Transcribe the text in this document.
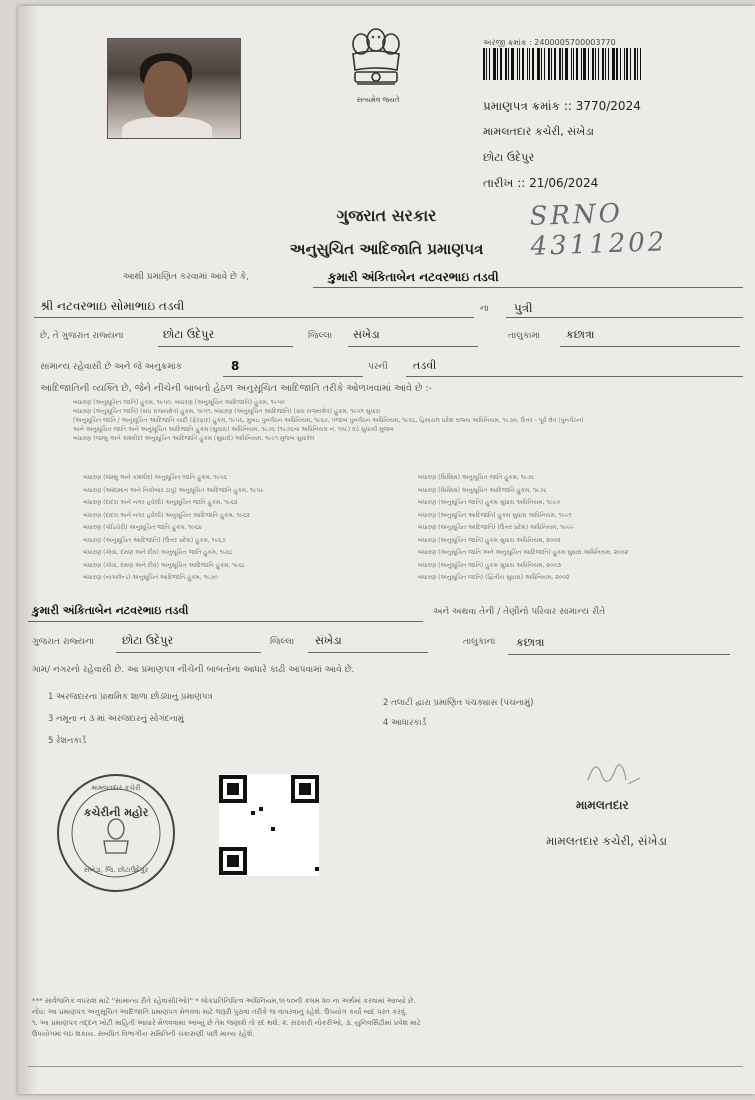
સત્યમેવ જયતે
અરજી ક્રમાંક : 2400005700003770
પ્રમાણપત્ર ક્રમાંક :: 3770/2024
મામલતદાર કચેરી, સંખેડા
છોટા ઉદેપુર
તારીખ :: 21/06/2024
SRNO 4311202
ગુજરાત સરકાર
અનુસુચિત આદિજાતિ પ્રમાણપત્ર
આથી પ્રમાણિત કરવામાં આવે છે કે,	કુમારી અંકિતાબેન નટવરભાઇ તડવી
શ્રી નટવરભાઇ સોમાભાઇ તડવી	ના પુત્રી
છે, તે ગુજરાત રાજ્યના	છોટા ઉદેપુર	જિલ્લા સંખેડા	તાલુકામાં કછાત્રા
સામાન્ય રહેવાસી છે અને જે અનુક્રમાંક	8	પરની તડવી
આદિજાતિની વ્યક્તિ છે, જેને નીચેની બાબતો હેઠળ અનુસૂચિત આદિજાતિ તરીકે ઓળખવામાં આવે છે :-
બંધારણ (અનુસૂચિત જાતિ) હુકમ, ૧૯૫૦, બંધારણ (અનુસૂચિત આદિજાતિ) હુકમ, ૧૯૫૦
બંધારણ (અનુસૂચિત જાતિ) (સંઘ રાજ્યક્ષેત્ર) હુકમ, ૧૯૫૧, બંધારણ (અનુસૂચિત આદિજાતિ) (સંઘ રાજ્યક્ષેત્ર) હુકમ, ૧૯૫૧ સુધારા
(અનુસૂચિત જાતિ / અનુસૂચિત આદિજાતિ યાદી (ફેરફાર) હુકમ, ૧૯૫૬, મુંબઇ પુનર્ગઠન અધિનિયમ, ૧૯૬૦, પંજાબ પુનર્ગઠન અધિનિયમ, ૧૯૬૬, હિમાચલ પ્રદેશ રાજ્ય અધિનિયમ, ૧૯૭૦, ઉત્તર - પૂર્વ ક્ષેત્ર (પુનર્ગઠન)
અને અનુસૂચિત જાતિ અને અનુસૂચિત આદિજાતિ હુકમ (સુધારા) અધિનિયમ, ૧૯૭૬ (૧૯૭૬ના અધિનિયમ નં. ૧૦૮) વડે સુધાર્યા મુજબ
બંધારણ (જમ્મુ અને કાશ્મીર) અનુસૂચિત આદિજાતિ હુકમ (સુધારો) અધિનિયમ, ૧૯૯૧ મુજબ સુધારેલ
બંધારણ (જમ્મુ અને કાશ્મીર) અનુસૂચિત જાતિ હુકમ, ૧૯૫૬
બંધારણ (આંદામાન અને નિકોબાર ટાપુ) અનુસૂચિત આદિજાતિ હુકમ, ૧૯૫૯
બંધારણ (દાદરા અને નગર હવેલી) અનુસૂચિત જાતિ હુકમ, ૧૯૬૨
બંધારણ (દાદરા અને નગર હવેલી) અનુસૂચિત આદિજાતિ હુકમ, ૧૯૬૨
બંધારણ (પોંડિચેરી) અનુસૂચિત જાતિ હુકમ, ૧૯૬૪
બંધારણ (અનુસૂચિત આદિજાતિ) (ઉત્તર પ્રદેશ) હુકમ, ૧૯૬૭
બંધારણ (ગોવા, દમણ અને દીવ) અનુસૂચિત જાતિ હુકમ, ૧૯૬૮
બંધારણ (ગોવા, દમણ અને દીવ) અનુસૂચિત આદિજાતિ હુકમ, ૧૯૬૮
બંધારણ (નાગાલેન્ડ) અનુસૂચિત આદિજાતિ હુકમ, ૧૯૭૦
બંધારણ (સિક્કિમ) અનુસૂચિત જાતિ હુકમ, ૧૯૭૮
બંધારણ (સિક્કિમ) અનુસૂચિત આદિજાતિ હુકમ, ૧૯૭૮
બંધારણ (અનુસૂચિત જાતિ) હુકમ સુધારા અધિનિયમ, ૧૯૯૦
બંધારણ (અનુસૂચિત આદિજાતિ) હુકમ સુધારા અધિનિયમ, ૧૯૯૧
બંધારણ (અનુસૂચિત આદિજાતિ) (ઉત્તર પ્રદેશ) અધિનિયમ, ૧૯૯૯
બંધારણ (અનુસૂચિત જાતિ) હુકમ સુધારા અધિનિયમ, ૨૦૦૨
બંધારણ (અનુસૂચિત જાતિ અને અનુસૂચિત આદિજાતિ) હુકમ સુધારા અધિનિયમ, ૨૦૦૨
બંધારણ (અનુસૂચિત જાતિ) હુકમ સુધારા અધિનિયમ, ૨૦૦૩
બંધારણ (અનુસૂચિત જાતિ) (દ્વિતીય સુધારા) અધિનિયમ, ૨૦૦૨
કુમારી અંકિતાબેન નટવરભાઇ તડવી	અને અથવા તેની / તેણીનો પરિવાર સામાન્ય રીતે
ગુજરાત રાજ્યના	છોટા ઉદેપુર	જિલ્લા સંખેડા	તાલુકાના કછાત્રા
ગામ/ નગરનો રહેવાસી છે. આ પ્રમાણપત્ર નીચેની બાબતોના આધારે કાઢી આપવામાં આવે છે.
1 અરજદારના પ્રાથમિક શાળા છોડ્યાનું પ્રમાણપત્ર
2 તલાટી દ્વારા પ્રમાણિત પંચક્યાસ (પંચનામું)
3 નમૂના નં ૩ માં અરજદારનું સોગંદનામું	4 આધારકાર્ડ
5 રેશનકાર્ડ
મામલતદાર કચેરી
કચેરીની મહોર
સંખેડા, જિ. છોટાઉદેપુર
મામલતદાર
મામલતદાર કચેરી, સંખેડા
*** સાર્વજનિક વપરાશ માટે "સામાન્ય રીતે રહેવાસી(ઓ)" * લોકપ્રતિનિધિત્વ અધિનિયમ,૧૯૫૦ની કલમ ૨૦ ના અર્થમાં કરવામાં આવ્યો છે.
નોંધ: આ પ્રમાણપત્ર અનુસૂચિત આદિજાતિ પ્રમાણપત્ર મેળવવા માટે જરૂરી પુરાવા તરીકે જ વાપરવાનું રહેશે. ઉપયોગ કર્યા બાદ પરત કરવું.
૧. આ પ્રમાણપત્ર તદ્દન ખોટી માહિતી આધારે મેળવવામાં આવ્યું છે તેમ જણાશે તો રદ થશે. ૨. સરકારી નોકરીઓ, ૩. યુનિવર્સિટીમાં પ્રવેશ માટે
ઉપયોગમાં લઇ શકાય. સંબંધિત વિભાગીય સમિતિની ચકાસણી પછી માન્ય રહેશે.
